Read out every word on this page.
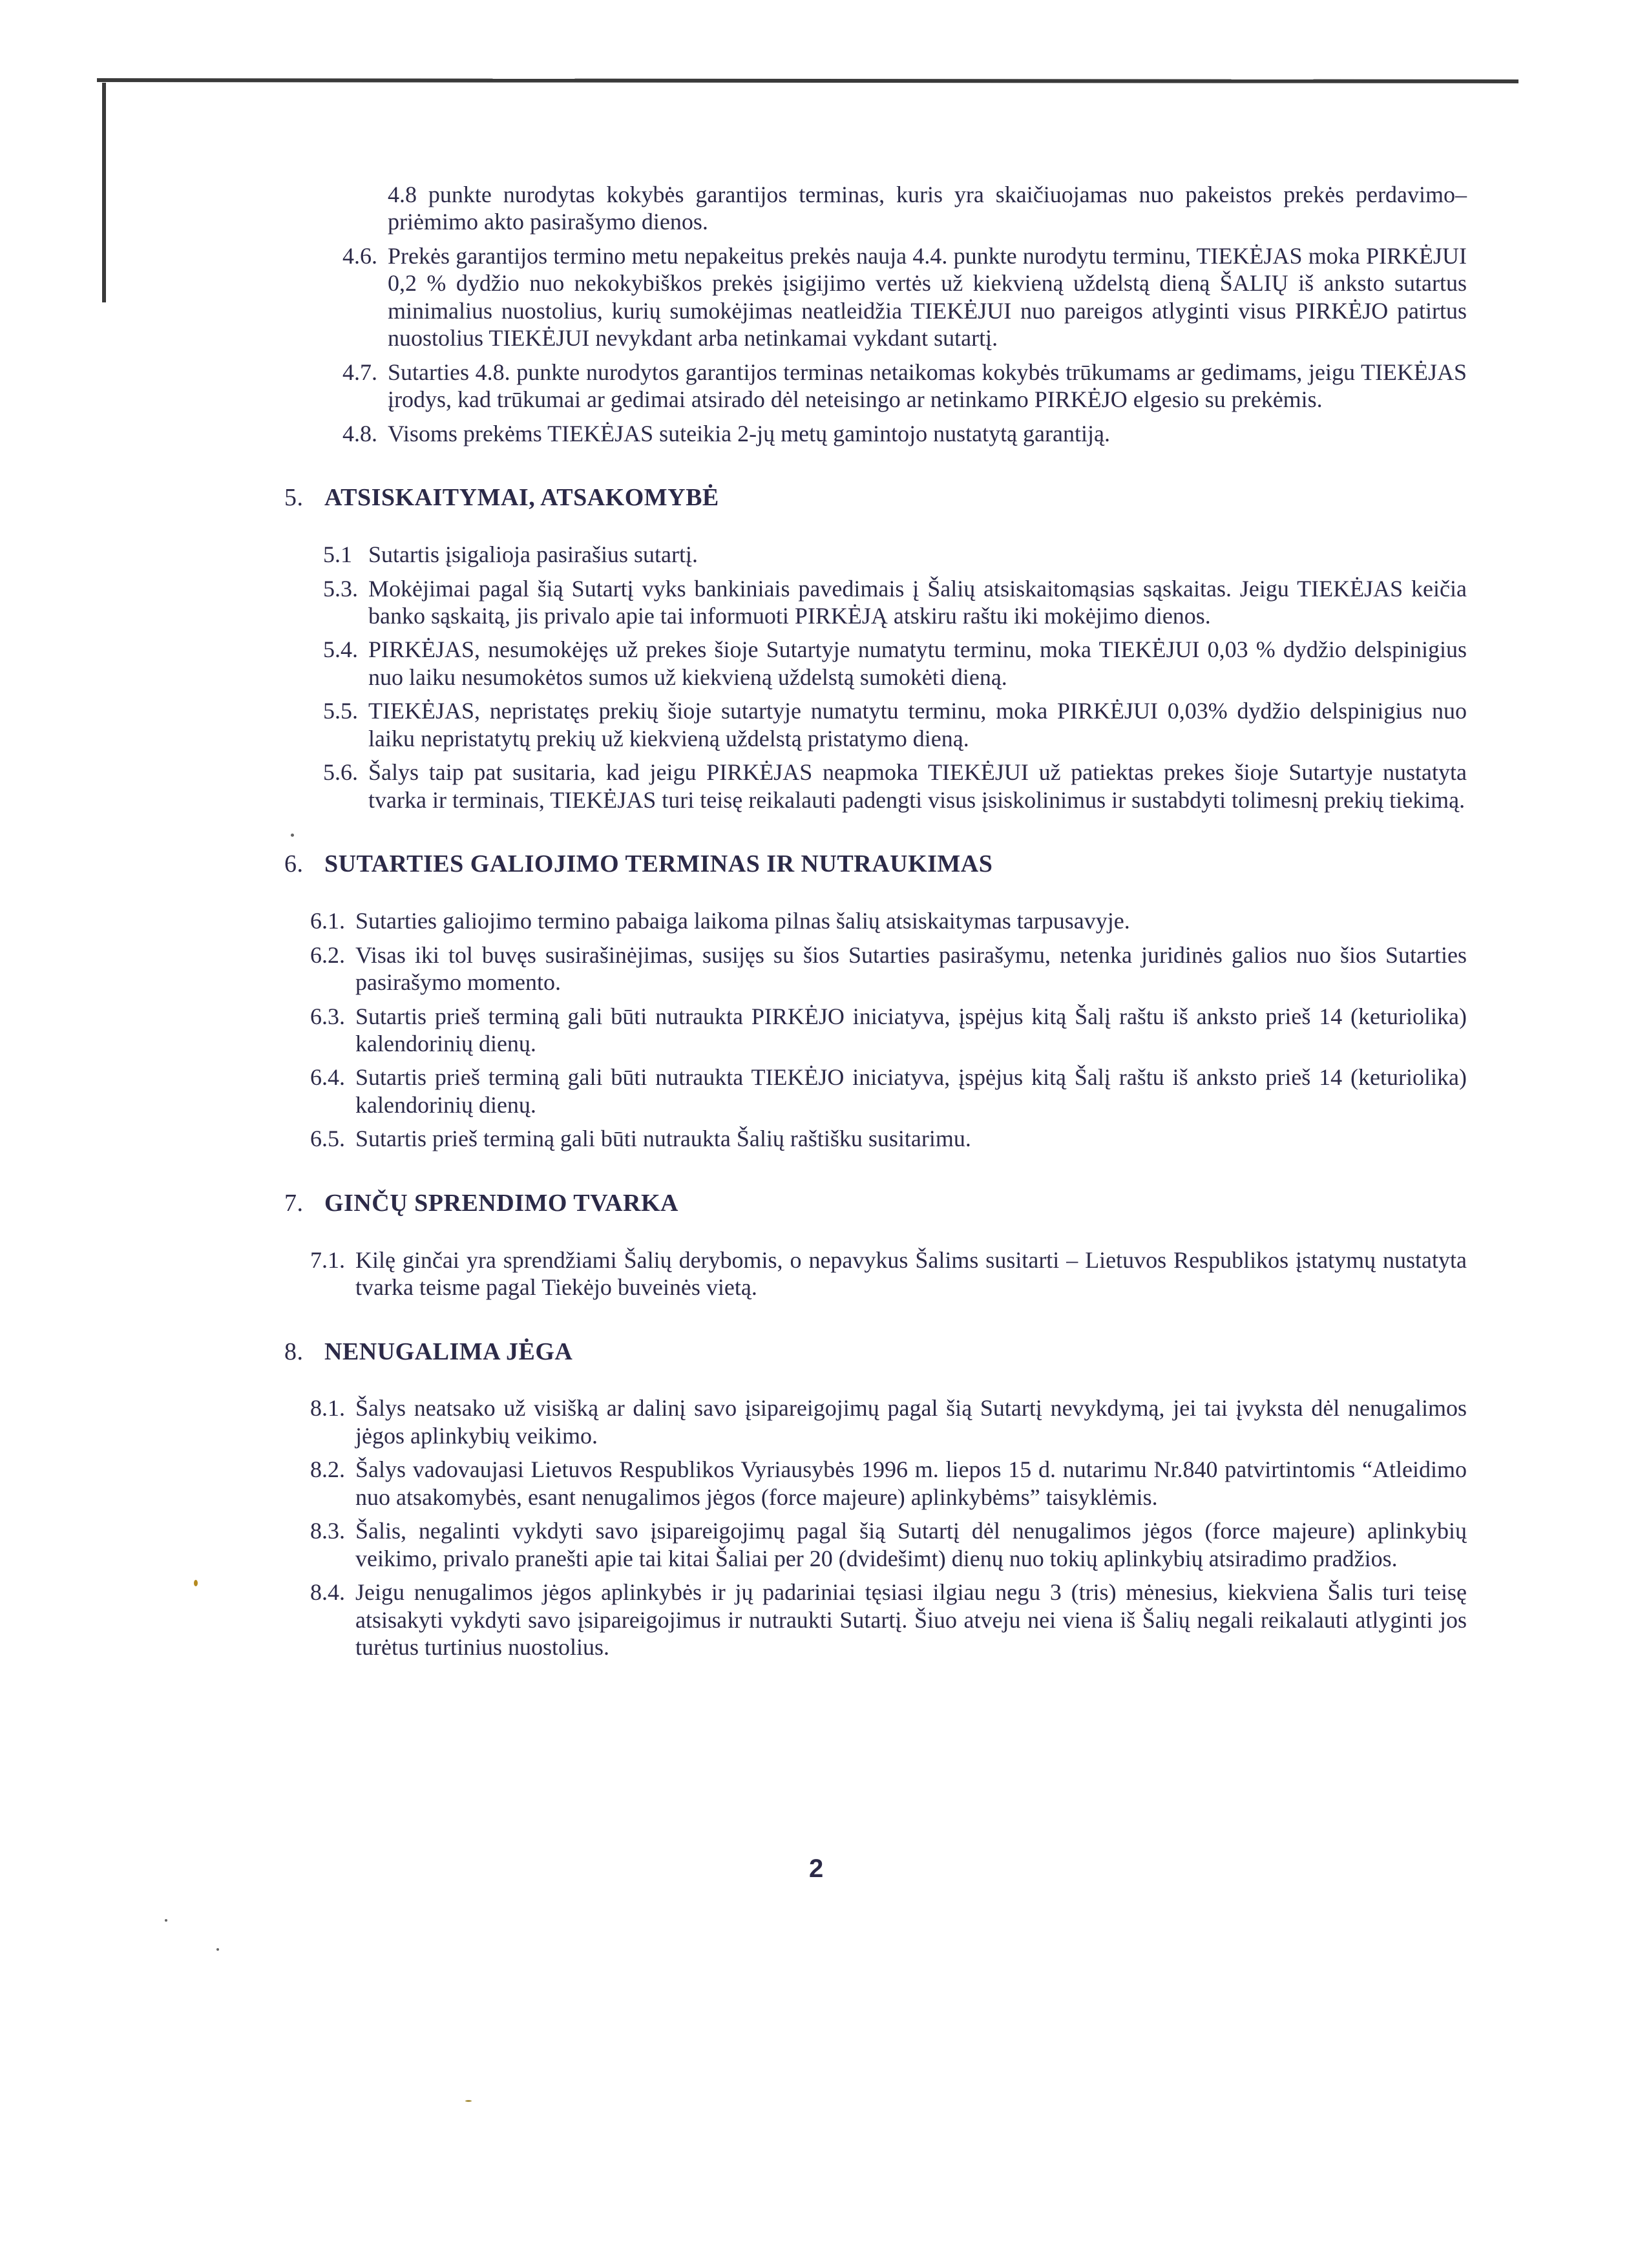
4.8 punkte nurodytas kokybės garantijos terminas, kuris yra skaičiuojamas nuo pakeistos prekės perdavimo–priėmimo akto pasirašymo dienos.
4.6. Prekės garantijos termino metu nepakeitus prekės nauja 4.4. punkte nurodytu terminu, TIEKĖJAS moka PIRKĖJUI 0,2 % dydžio nuo nekokybiškos prekės įsigijimo vertės už kiekvieną uždelstą dieną ŠALIŲ iš anksto sutartus minimalius nuostolius, kurių sumokėjimas neatleidžia TIEKĖJUI nuo pareigos atlyginti visus PIRKĖJO patirtus nuostolius TIEKĖJUI nevykdant arba netinkamai vykdant sutartį.
4.7. Sutarties 4.8. punkte nurodytos garantijos terminas netaikomas kokybės trūkumams ar gedimams, jeigu TIEKĖJAS įrodys, kad trūkumai ar gedimai atsirado dėl neteisingo ar netinkamo PIRKĖJO elgesio su prekėmis.
4.8. Visoms prekėms TIEKĖJAS suteikia 2-jų metų gamintojo nustatytą garantiją.
5. ATSISKAITYMAI, ATSAKOMYBĖ
5.1 Sutartis įsigalioja pasirašius sutartį.
5.3. Mokėjimai pagal šią Sutartį vyks bankiniais pavedimais į Šalių atsiskaitomąsias sąskaitas. Jeigu TIEKĖJAS keičia banko sąskaitą, jis privalo apie tai informuoti PIRKĖJĄ atskiru raštu iki mokėjimo dienos.
5.4. PIRKĖJAS, nesumokėjęs už prekes šioje Sutartyje numatytu terminu, moka TIEKĖJUI 0,03 % dydžio delspinigius nuo laiku nesumokėtos sumos už kiekvieną uždelstą sumokėti dieną.
5.5. TIEKĖJAS, nepristatęs prekių šioje sutartyje numatytu terminu, moka PIRKĖJUI 0,03% dydžio delspinigius nuo laiku nepristatytų prekių už kiekvieną uždelstą pristatymo dieną.
5.6. Šalys taip pat susitaria, kad jeigu PIRKĖJAS neapmoka TIEKĖJUI už patiektas prekes šioje Sutartyje nustatyta tvarka ir terminais, TIEKĖJAS turi teisę reikalauti padengti visus įsiskolinimus ir sustabdyti tolimesnį prekių tiekimą.
6. SUTARTIES GALIOJIMO TERMINAS IR NUTRAUKIMAS
6.1. Sutarties galiojimo termino pabaiga laikoma pilnas šalių atsiskaitymas tarpusavyje.
6.2. Visas iki tol buvęs susirašinėjimas, susijęs su šios Sutarties pasirašymu, netenka juridinės galios nuo šios Sutarties pasirašymo momento.
6.3. Sutartis prieš terminą gali būti nutraukta PIRKĖJO iniciatyva, įspėjus kitą Šalį raštu iš anksto prieš 14 (keturiolika) kalendorinių dienų.
6.4. Sutartis prieš terminą gali būti nutraukta TIEKĖJO iniciatyva, įspėjus kitą Šalį raštu iš anksto prieš 14 (keturiolika) kalendorinių dienų.
6.5. Sutartis prieš terminą gali būti nutraukta Šalių raštišku susitarimu.
7. GINČŲ SPRENDIMO TVARKA
7.1. Kilę ginčai yra sprendžiami Šalių derybomis, o nepavykus Šalims susitarti – Lietuvos Respublikos įstatymų nustatyta tvarka teisme pagal Tiekėjo buveinės vietą.
8. NENUGALIMA JĖGA
8.1. Šalys neatsako už visišką ar dalinį savo įsipareigojimų pagal šią Sutartį nevykdymą, jei tai įvyksta dėl nenugalimos jėgos aplinkybių veikimo.
8.2. Šalys vadovaujasi Lietuvos Respublikos Vyriausybės 1996 m. liepos 15 d. nutarimu Nr.840 patvirtintomis “Atleidimo nuo atsakomybės, esant nenugalimos jėgos (force majeure) aplinkybėms” taisyklėmis.
8.3. Šalis, negalinti vykdyti savo įsipareigojimų pagal šią Sutartį dėl nenugalimos jėgos (force majeure) aplinkybių veikimo, privalo pranešti apie tai kitai Šaliai per 20 (dvidešimt) dienų nuo tokių aplinkybių atsiradimo pradžios.
8.4. Jeigu nenugalimos jėgos aplinkybės ir jų padariniai tęsiasi ilgiau negu 3 (tris) mėnesius, kiekviena Šalis turi teisę atsisakyti vykdyti savo įsipareigojimus ir nutraukti Sutartį. Šiuo atveju nei viena iš Šalių negali reikalauti atlyginti jos turėtus turtinius nuostolius.
2
